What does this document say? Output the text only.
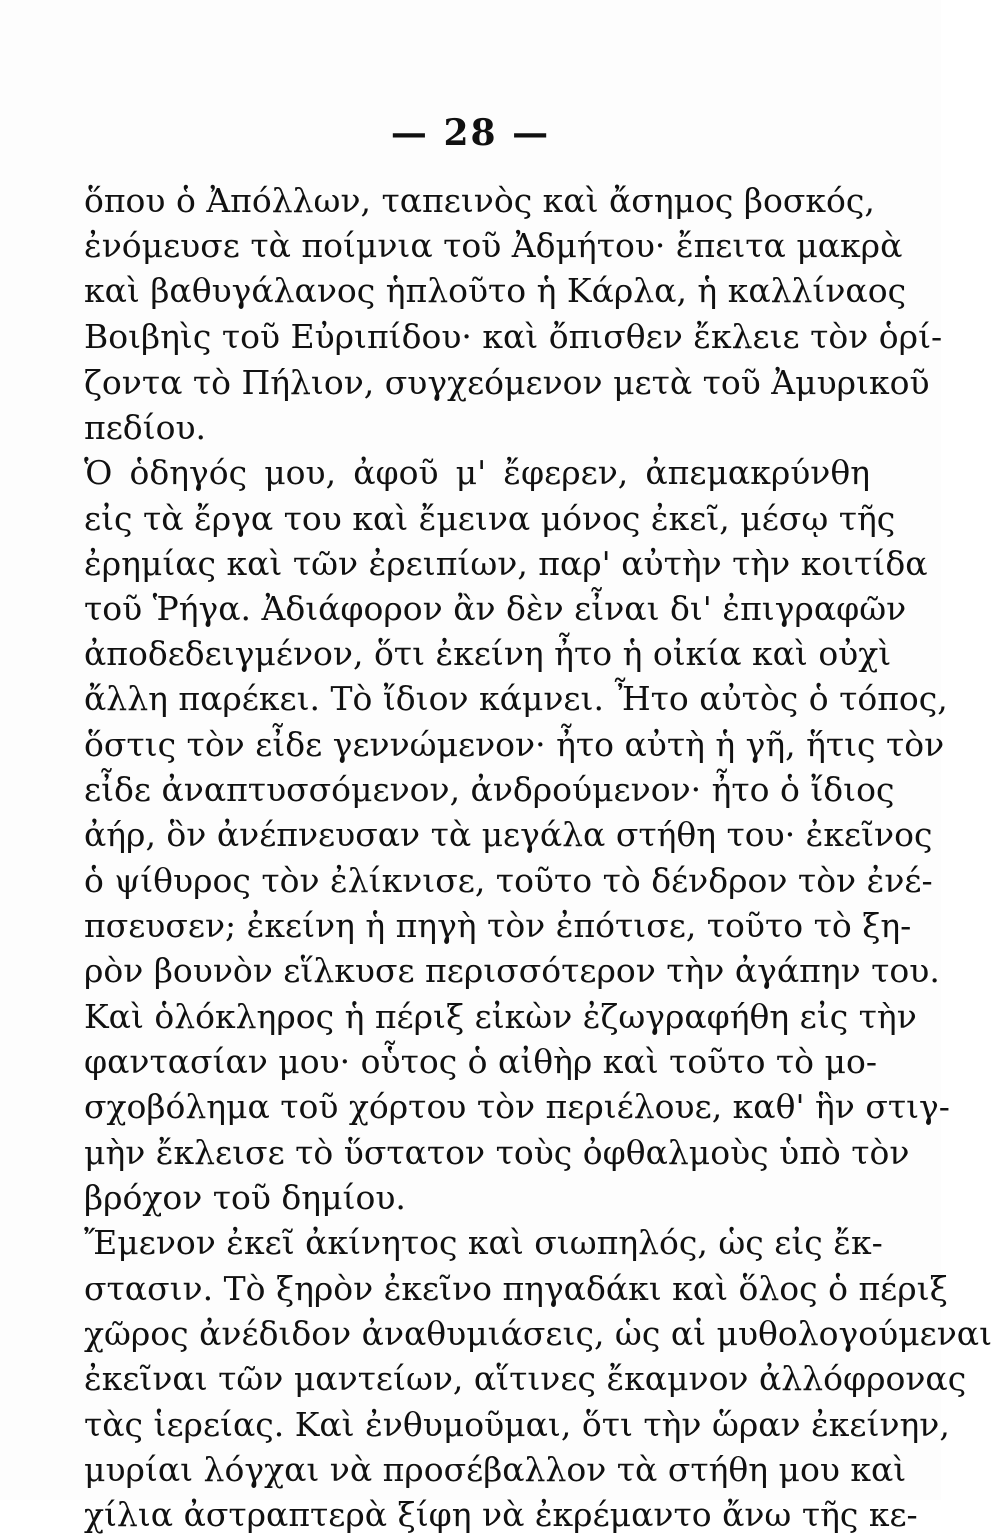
— 28 —
ὅπου ὁ Ἀπόλλων, ταπεινὸς καὶ ἄσημος βοσκός,
ἐνόμευσε τὰ ποίμνια τοῦ Ἀδμήτου· ἔπειτα μακρὰ
καὶ βαθυγάλανος ἡπλοῦτο ἡ Κάρλα, ἡ καλλίναος
Βοιβηὶς τοῦ Εὐριπίδου· καὶ ὄπισθεν ἔκλειε τὸν ὁρί-
ζοντα τὸ Πήλιον, συγχεόμενον μετὰ τοῦ Ἀμυρικοῦ
πεδίου.
Ὁ ὁδηγός μου, ἀφοῦ μ' ἔφερεν, ἀπεμακρύνθη
εἰς τὰ ἔργα του καὶ ἔμεινα μόνος ἐκεῖ, μέσῳ τῆς
ἐρημίας καὶ τῶν ἐρειπίων, παρ' αὐτὴν τὴν κοιτίδα
τοῦ Ῥήγα. Ἀδιάφορον ἂν δὲν εἶναι δι' ἐπιγραφῶν
ἀποδεδειγμένον, ὅτι ἐκείνη ἦτο ἡ οἰκία καὶ οὐχὶ
ἄλλη παρέκει. Τὸ ἴδιον κάμνει. Ἦτο αὐτὸς ὁ τόπος,
ὅστις τὸν εἶδε γεννώμενον· ἦτο αὐτὴ ἡ γῆ, ἥτις τὸν
εἶδε ἀναπτυσσόμενον, ἀνδρούμενον· ἦτο ὁ ἴδιος
ἀήρ, ὃν ἀνέπνευσαν τὰ μεγάλα στήθη του· ἐκεῖνος
ὁ ψίθυρος τὸν ἐλίκνισε, τοῦτο τὸ δένδρον τὸν ἐνέ-
πσευσεν; ἐκείνη ἡ πηγὴ τὸν ἐπότισε, τοῦτο τὸ ξη-
ρὸν βουνὸν εἵλκυσε περισσότερον τὴν ἀγάπην του.
Καὶ ὁλόκληρος ἡ πέριξ εἰκὼν ἐζωγραφήθη εἰς τὴν
φαντασίαν μου· οὗτος ὁ αἰθὴρ καὶ τοῦτο τὸ μο-
σχοβόλημα τοῦ χόρτου τὸν περιέλουε, καθ' ἣν στιγ-
μὴν ἔκλεισε τὸ ὕστατον τοὺς ὀφθαλμοὺς ὑπὸ τὸν
βρόχον τοῦ δημίου.
Ἔμενον ἐκεῖ ἀκίνητος καὶ σιωπηλός, ὡς εἰς ἔκ-
στασιν. Τὸ ξηρὸν ἐκεῖνο πηγαδάκι καὶ ὅλος ὁ πέριξ
χῶρος ἀνέδιδον ἀναθυμιάσεις, ὡς αἱ μυθολογούμεναι
ἐκεῖναι τῶν μαντείων, αἵτινες ἔκαμνον ἀλλόφρονας
τὰς ἱερείας. Καὶ ἐνθυμοῦμαι, ὅτι τὴν ὥραν ἐκείνην,
μυρίαι λόγχαι νὰ προσέβαλλον τὰ στήθη μου καὶ
χίλια ἀστραπτερὰ ξίφη νὰ ἐκρέμαντο ἄνω τῆς κε-
